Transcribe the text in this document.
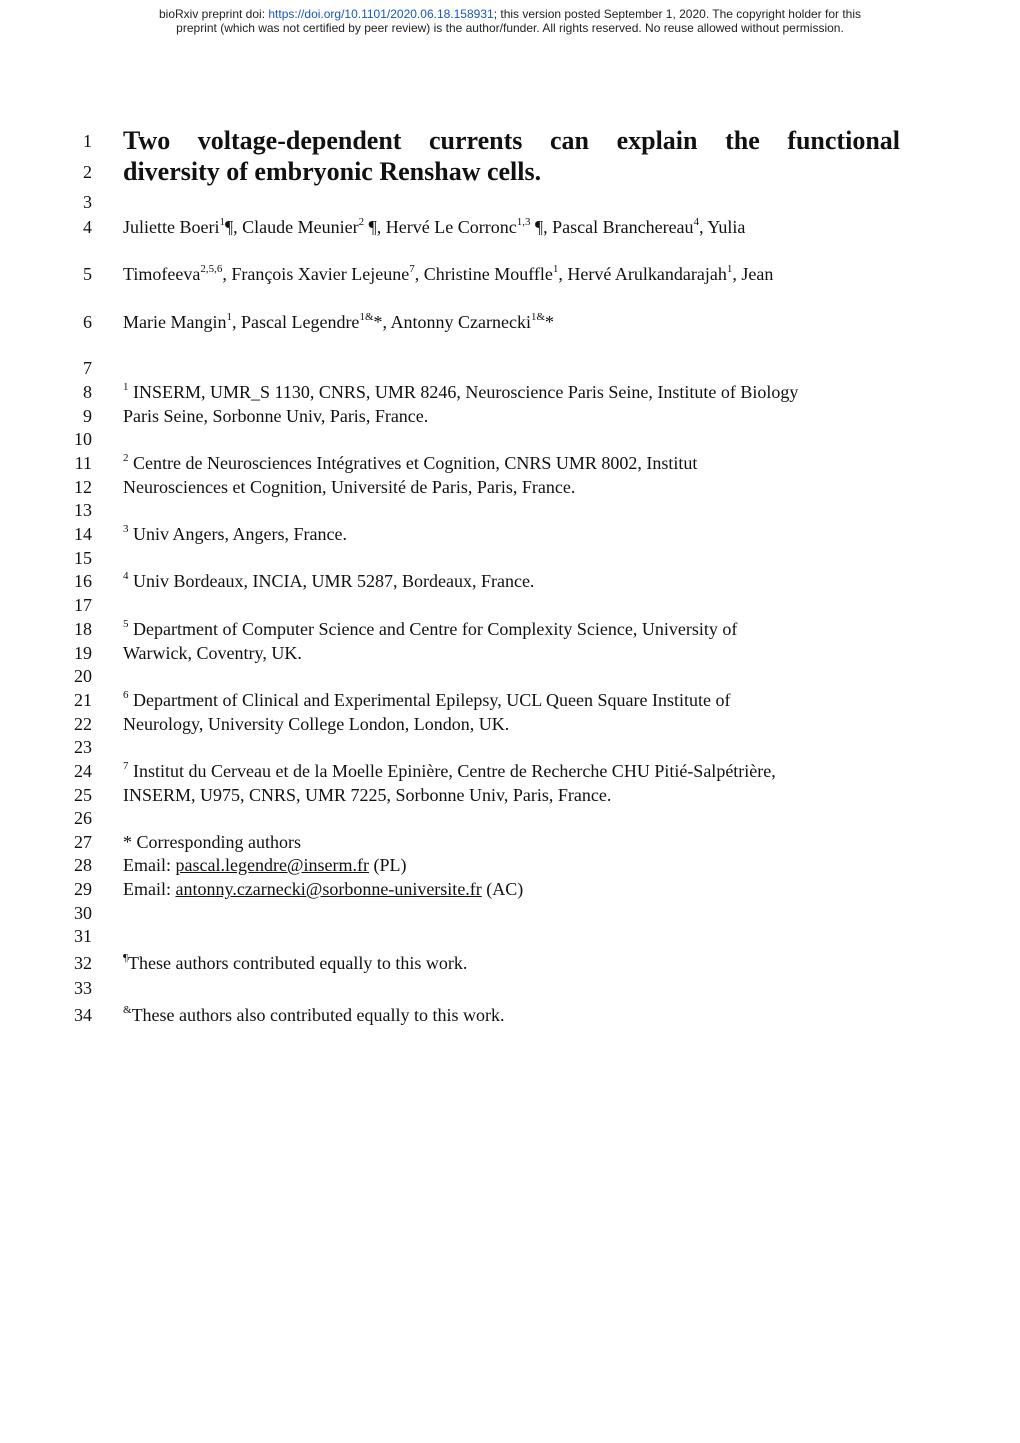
bioRxiv preprint doi: https://doi.org/10.1101/2020.06.18.158931; this version posted September 1, 2020. The copyright holder for this
preprint (which was not certified by peer review) is the author/funder. All rights reserved. No reuse allowed without permission.
1
2
3
4
5
6
7
8
9
10
11
12
13
14
15
16
17
18
19
20
21
22
23
24
25
26
27
28
29
30
31
32
33
34
Two voltage-dependent currents can explain the functional
diversity of embryonic Renshaw cells.
Juliette Boeri$^1$¶, Claude Meunier$^2$ ¶, Hervé Le Corronc$^{1,3}$ ¶, Pascal Branchereau$^4$, Yulia
Timofeeva$^{2,5,6}$, François Xavier Lejeune$^7$, Christine Mouffle$^1$, Hervé Arulkandarajah$^1$, Jean
Marie Mangin$^1$, Pascal Legendre$^{1\&}$*, Antonny Czarnecki$^{1\&}$*
$^1$ INSERM, UMR_S 1130, CNRS, UMR 8246, Neuroscience Paris Seine, Institute of Biology
Paris Seine, Sorbonne Univ, Paris, France.
$^2$ Centre de Neurosciences Intégratives et Cognition, CNRS UMR 8002, Institut
Neurosciences et Cognition, Université de Paris, Paris, France.
$^3$ Univ Angers, Angers, France.
$^4$ Univ Bordeaux, INCIA, UMR 5287, Bordeaux, France.
$^5$ Department of Computer Science and Centre for Complexity Science, University of
Warwick, Coventry, UK.
$^6$ Department of Clinical and Experimental Epilepsy, UCL Queen Square Institute of
Neurology, University College London, London, UK.
$^7$ Institut du Cerveau et de la Moelle Epinière, Centre de Recherche CHU Pitié-Salpétrière,
INSERM, U975, CNRS, UMR 7225, Sorbonne Univ, Paris, France.
* Corresponding authors
Email: pascal.legendre@inserm.fr (PL)
Email: antonny.czarnecki@sorbonne-universite.fr (AC)
¶These authors contributed equally to this work.
&These authors also contributed equally to this work.
